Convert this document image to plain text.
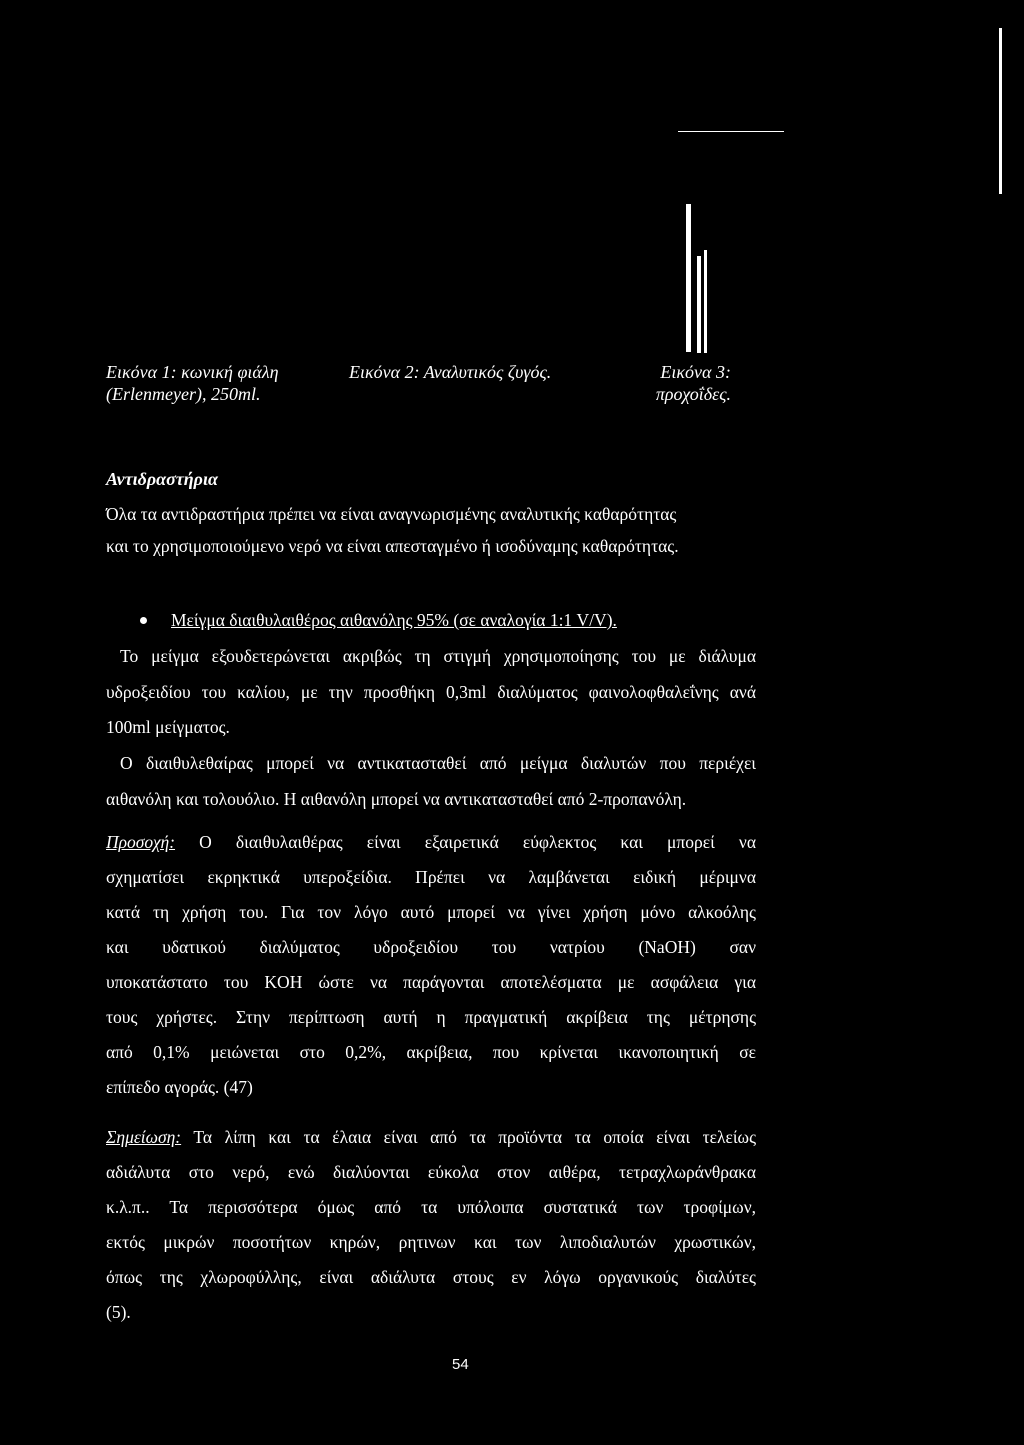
Εικόνα 1: κωνική φιάλη
(Erlenmeyer), 250ml.
Εικόνα 2: Αναλυτικός ζυγός.	Εικόνα 3:
προχοΐδες.
Αντιδραστήρια
Όλα τα αντιδραστήρια πρέπει να είναι αναγνωρισμένης αναλυτικής καθαρότητας
και το χρησιμοποιούμενο νερό να είναι απεσταγμένο ή ισοδύναμης καθαρότητας.
Μείγμα διαιθυλαιθέρος αιθανόλης 95% (σε αναλογία 1:1 V/V).
Το μείγμα εξουδετερώνεται ακριβώς τη στιγμή χρησιμοποίησης του με διάλυμα
υδροξειδίου του καλίου, με την προσθήκη 0,3ml διαλύματος φαινολοφθαλεΐνης ανά
100ml μείγματος.
Ο διαιθυλεθαίρας μπορεί να αντικατασταθεί από μείγμα διαλυτών που περιέχει
αιθανόλη και τολουόλιο. Η αιθανόλη μπορεί να αντικατασταθεί από 2-προπανόλη.
Προσοχή: Ο διαιθυλαιθέρας είναι εξαιρετικά εύφλεκτος και μπορεί να
σχηματίσει εκρηκτικά υπεροξείδια. Πρέπει να λαμβάνεται ειδική μέριμνα
κατά τη χρήση του. Για τον λόγο αυτό μπορεί να γίνει χρήση μόνο αλκοόλης
και υδατικού διαλύματος υδροξειδίου του νατρίου (NaOH) σαν
υποκατάστατο του KOH ώστε να παράγονται αποτελέσματα με ασφάλεια για
τους χρήστες. Στην περίπτωση αυτή η πραγματική ακρίβεια της μέτρησης
από 0,1% μειώνεται στο 0,2%, ακρίβεια, που κρίνεται ικανοποιητική σε
επίπεδο αγοράς. (47)
Σημείωση: Τα λίπη και τα έλαια είναι από τα προϊόντα τα οποία είναι τελείως
αδιάλυτα στο νερό, ενώ διαλύονται εύκολα στον αιθέρα, τετραχλωράνθρακα
κ.λ.π.. Τα περισσότερα όμως από τα υπόλοιπα συστατικά των τροφίμων,
εκτός μικρών ποσοτήτων κηρών, ρητινων και των λιποδιαλυτών χρωστικών,
όπως της χλωροφύλλης, είναι αδιάλυτα στους εν λόγω οργανικούς διαλύτες
(5).
54
